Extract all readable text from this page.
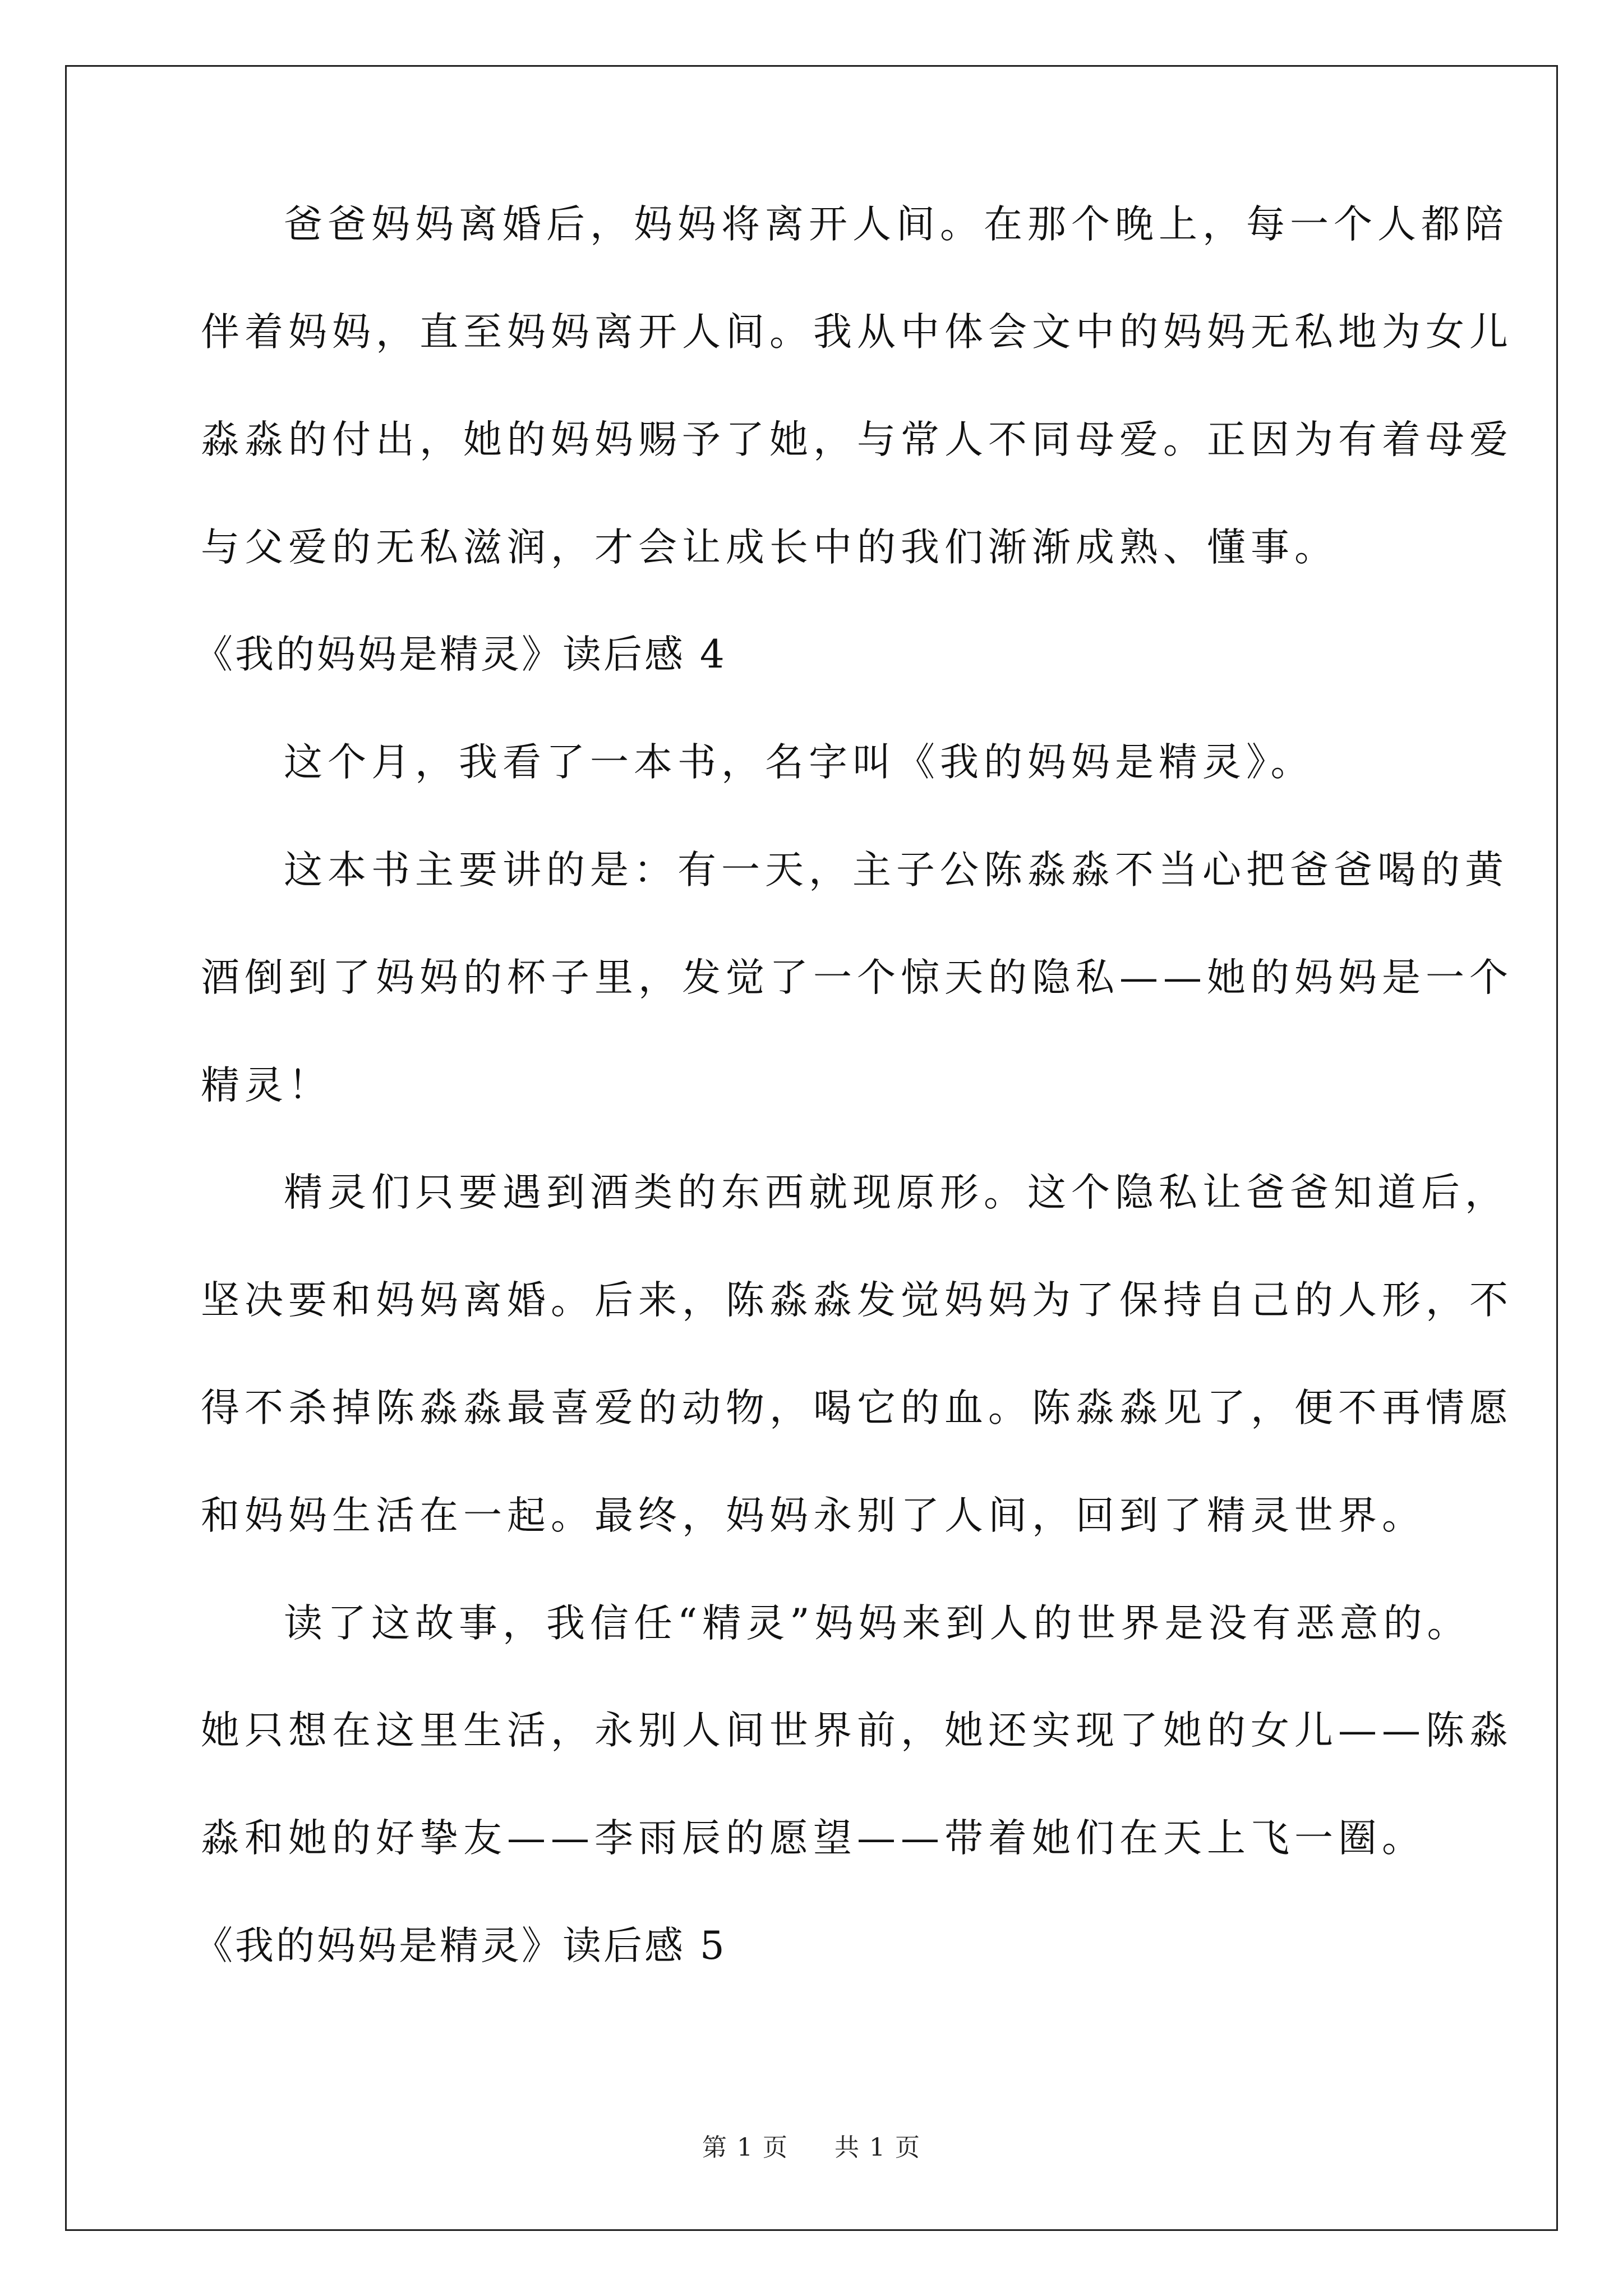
爸爸妈妈离婚后，妈妈将离开人间。在那个晚上，每一个人都陪
伴着妈妈，直至妈妈离开人间。我从中体会文中的妈妈无私地为女儿
淼淼的付出，她的妈妈赐予了她，与常人不同母爱。正因为有着母爱
与父爱的无私滋润，才会让成长中的我们渐渐成熟、懂事。
《我的妈妈是精灵》读后感 4
这个月，我看了一本书，名字叫《我的妈妈是精灵》。
这本书主要讲的是：有一天，主子公陈淼淼不当心把爸爸喝的黄
酒倒到了妈妈的杯子里，发觉了一个惊天的隐私——她的妈妈是一个
精灵！
精灵们只要遇到酒类的东西就现原形。这个隐私让爸爸知道后，
坚决要和妈妈离婚。后来，陈淼淼发觉妈妈为了保持自己的人形，不
得不杀掉陈淼淼最喜爱的动物，喝它的血。陈淼淼见了，便不再情愿
和妈妈生活在一起。最终，妈妈永别了人间，回到了精灵世界。
读了这故事，我信任“精灵”妈妈来到人的世界是没有恶意的。
她只想在这里生活，永别人间世界前，她还实现了她的女儿——陈淼
淼和她的好挚友——李雨辰的愿望——带着她们在天上飞一圈。
《我的妈妈是精灵》读后感 5
第 1 页 共 1 页
